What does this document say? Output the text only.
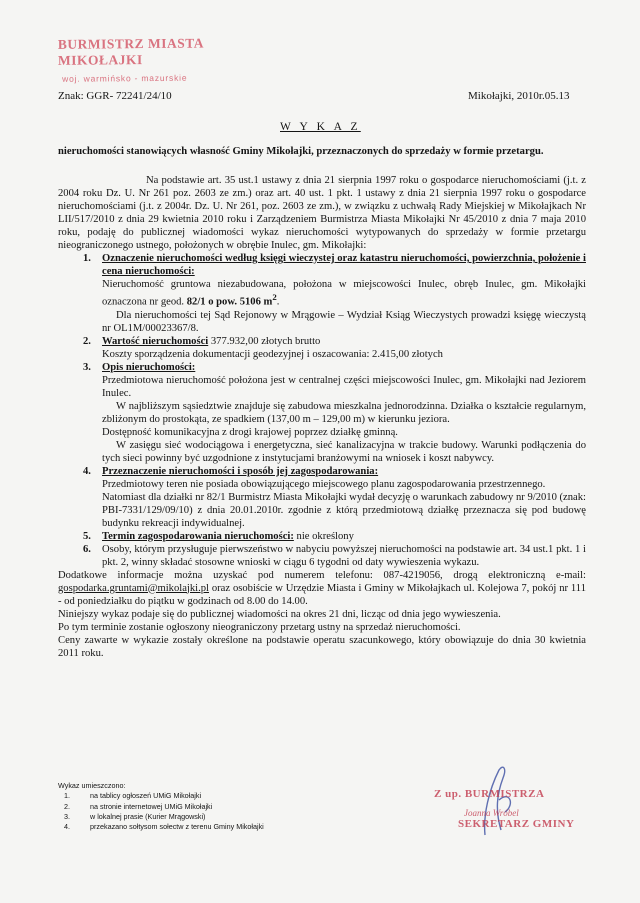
BURMISTRZ MIASTA MIKOŁAJKI
woj. warmińsko - mazurskie
Znak: GGR- 72241/24/10	Mikołajki, 2010r.05.13
W Y K A Z
nieruchomości stanowiących własność Gminy Mikołajki, przeznaczonych do sprzedaży w formie przetargu.

Na podstawie art. 35 ust.1 ustawy z dnia 21 sierpnia 1997 roku o gospodarce nieruchomościami (j.t. z 2004 roku Dz. U. Nr 261 poz. 2603 ze zm.) oraz art. 40 ust. 1 pkt. 1 ustawy z dnia 21 sierpnia 1997 roku o gospodarce nieruchomościami (j.t. z 2004r. Dz. U. Nr 261, poz. 2603 ze zm.), w związku z uchwałą Rady Miejskiej w Mikołajkach Nr LII/517/2010 z dnia 29 kwietnia 2010 roku i Zarządzeniem Burmistrza Miasta Mikołajki Nr 45/2010 z dnia 7 maja 2010 roku, podaję do publicznej wiadomości wykaz nieruchomości wytypowanych do sprzedaży w formie przetargu nieograniczonego ustnego, położonych w obrębie Inulec, gm. Mikołajki:

1. Oznaczenie nieruchomości według księgi wieczystej oraz katastru nieruchomości, powierzchnia, położenie i cena nieruchomości:

Nieruchomość gruntowa niezabudowana, położona w miejscowości Inulec, obręb Inulec, gm. Mikołajki oznaczona nr geod. 82/1 o pow. 5106 $m^2$.

Dla nieruchomości tej Sąd Rejonowy w Mrągowie – Wydział Ksiąg Wieczystych prowadzi księgę wieczystą nr OL1M/00023367/8.

2. Wartość nieruchomości 377.932,00 złotych brutto

Koszty sporządzenia dokumentacji geodezyjnej i oszacowania: 2.415,00 złotych

3. Opis nieruchomości:

Przedmiotowa nieruchomość położona jest w centralnej części miejscowości Inulec, gm. Mikołajki nad Jeziorem Inulec.

W najbliższym sąsiedztwie znajduje się zabudowa mieszkalna jednorodzinna. Działka o kształcie regularnym, zbliżonym do prostokąta, ze spadkiem (137,00 m – 129,00 m) w kierunku jeziora.

Dostępność komunikacyjna z drogi krajowej poprzez działkę gminną.

W zasięgu sieć wodociągowa i energetyczna, sieć kanalizacyjna w trakcie budowy. Warunki podłączenia do tych sieci powinny być uzgodnione z instytucjami branżowymi na wniosek i koszt nabywcy.

4. Przeznaczenie nieruchomości i sposób jej zagospodarowania:

Przedmiotowy teren nie posiada obowiązującego miejscowego planu zagospodarowania przestrzennego.

Natomiast dla działki nr 82/1 Burmistrz Miasta Mikołajki wydał decyzję o warunkach zabudowy nr 9/2010 (znak: PBI-7331/129/09/10) z dnia 20.01.2010r. zgodnie z którą przedmiotową działkę przeznacza się pod budowę budynku rekreacji indywidualnej.

5. Termin zagospodarowania nieruchomości: nie określony

6. Osoby, którym przysługuje pierwszeństwo w nabyciu powyższej nieruchomości na podstawie art. 34 ust.1 pkt. 1 i pkt. 2, winny składać stosowne wnioski w ciągu 6 tygodni od daty wywieszenia wykazu.

Dodatkowe informacje można uzyskać pod numerem telefonu: 087-4219056, drogą elektroniczną e-mail: gospodarka.gruntami@mikolajki.pl oraz osobiście w Urzędzie Miasta i Gminy w Mikołajkach ul. Kolejowa 7, pokój nr 111 - od poniedziałku do piątku w godzinach od 8.00 do 14.00.

Niniejszy wykaz podaje się do publicznej wiadomości na okres 21 dni, licząc od dnia jego wywieszenia.

Po tym terminie zostanie ogłoszony nieograniczony przetarg ustny na sprzedaż nieruchomości.

Ceny zawarte w wykazie zostały określone na podstawie operatu szacunkowego, który obowiązuje do dnia 30 kwietnia 2011 roku.

Wykaz umieszczono:
1.	na tablicy ogłoszeń UMiG Mikołajki
2.	na stronie internetowej UMiG Mikołajki
3.	w lokalnej prasie (Kurier Mrągowski)
4.	przekazano sołtysom sołectw z terenu Gminy Mikołajki
Z up. BURMISTRZA
Joanna Wróbel
SEKRETARZ GMINY
